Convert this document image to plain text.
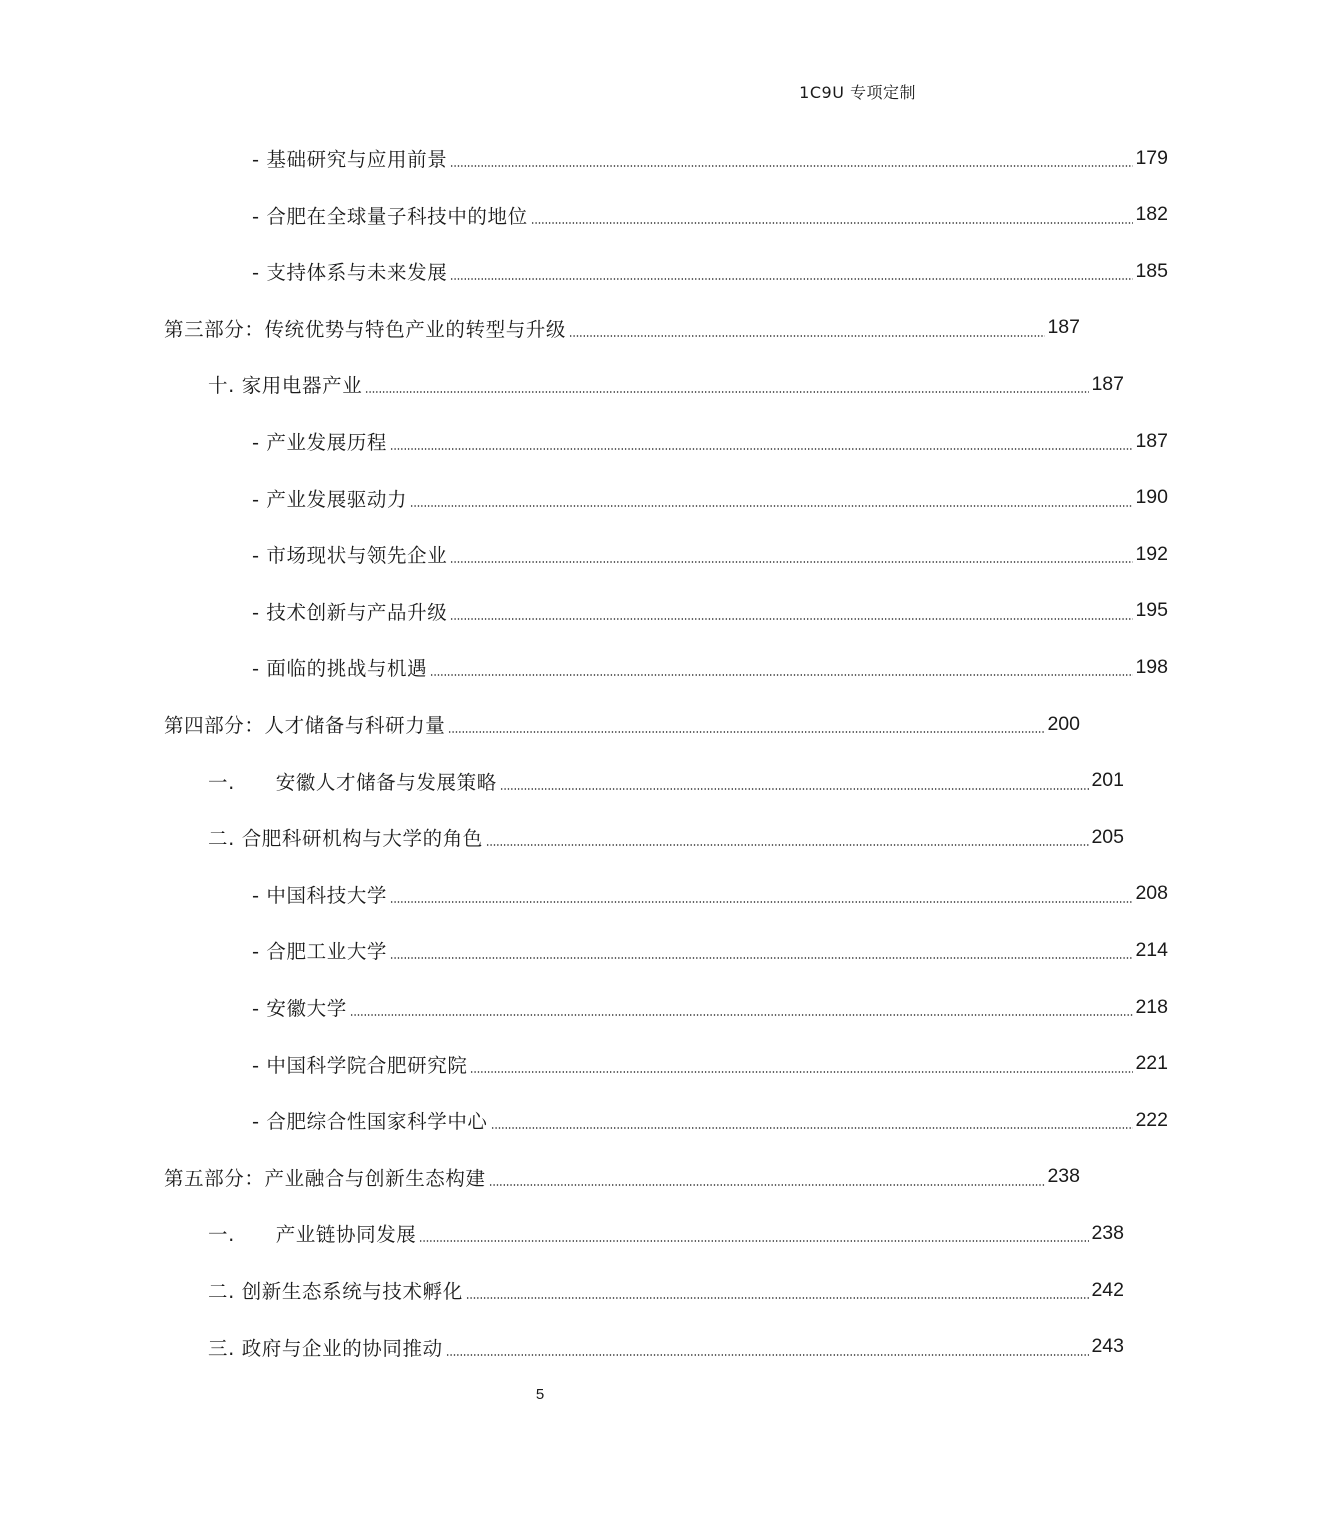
1C9U 专项定制
- 基础研究与应用前景	179
- 合肥在全球量子科技中的地位	182
- 支持体系与未来发展	185
第三部分：传统优势与特色产业的转型与升级	187
十. 家用电器产业	187
- 产业发展历程	187
- 产业发展驱动力	190
- 市场现状与领先企业	192
- 技术创新与产品升级	195
- 面临的挑战与机遇	198
第四部分：人才储备与科研力量	200
一.      安徽人才储备与发展策略	201
二. 合肥科研机构与大学的角色	205
- 中国科技大学	208
- 合肥工业大学	214
- 安徽大学	218
- 中国科学院合肥研究院	221
- 合肥综合性国家科学中心	222
第五部分：产业融合与创新生态构建	238
一.      产业链协同发展	238
二. 创新生态系统与技术孵化	242
三. 政府与企业的协同推动	243
5
